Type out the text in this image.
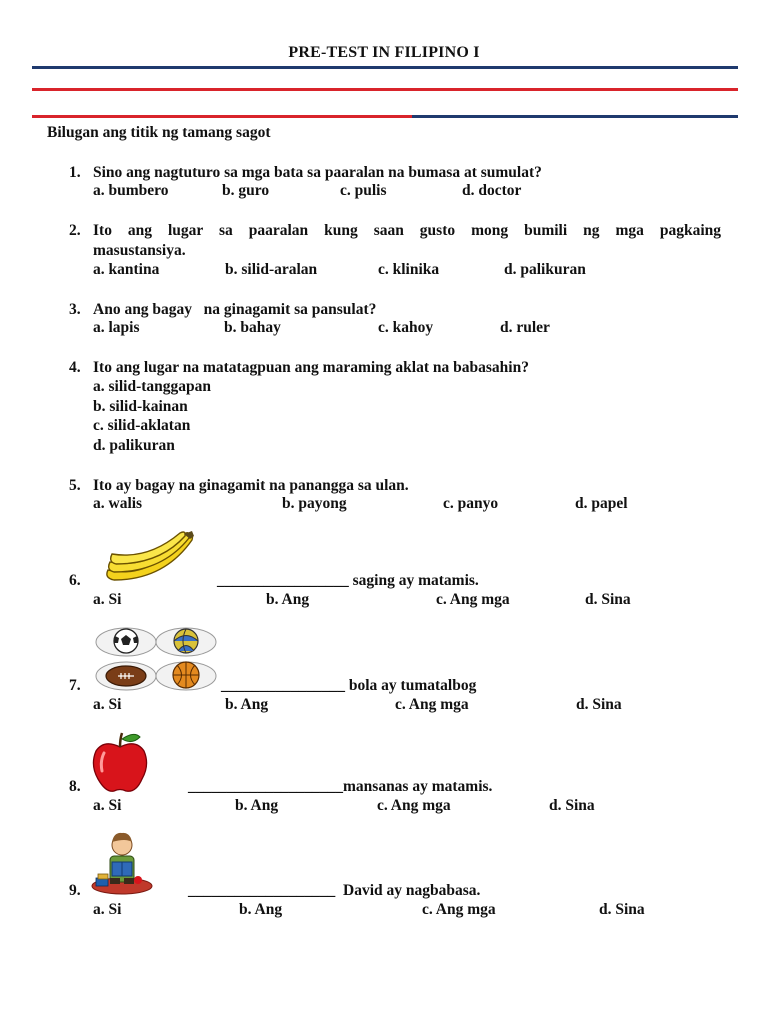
PRE-TEST IN FILIPINO I
Bilugan ang titik ng tamang sagot
1. Sino ang nagtuturo sa mga bata sa paaralan na bumasa at sumulat?
a. bumbero	b. guro	c. pulis	d. doctor
2. Ito ang lugar sa paaralan kung saan gusto mong bumili ng mga pagkaing
masustansiya.
a. kantina	b. silid-aralan	c. klinika	d. palikuran
3. Ano ang bagay   na ginagamit sa pansulat?
a. lapis	b. bahay	c. kahoy	d. ruler
4. Ito ang lugar na matatagpuan ang maraming aklat na babasahin?
a. silid-tanggapan
b. silid-kainan
c. silid-aklatan
d. palikuran
5. Ito ay bagay na ginagamit na panangga sa ulan.
a. walis	b. payong	c. panyo	d. papel
6.	_________________ saging ay matamis.
a. Si	b. Ang	c. Ang mga	d. Sina
7.	________________ bola ay tumatalbog
a. Si	b. Ang	c. Ang mga	d. Sina
8.	____________________mansanas ay matamis.
a. Si	b. Ang	c. Ang mga	d. Sina
9.	___________________  David ay nagbabasa.
a. Si	b. Ang	c. Ang mga	d. Sina
